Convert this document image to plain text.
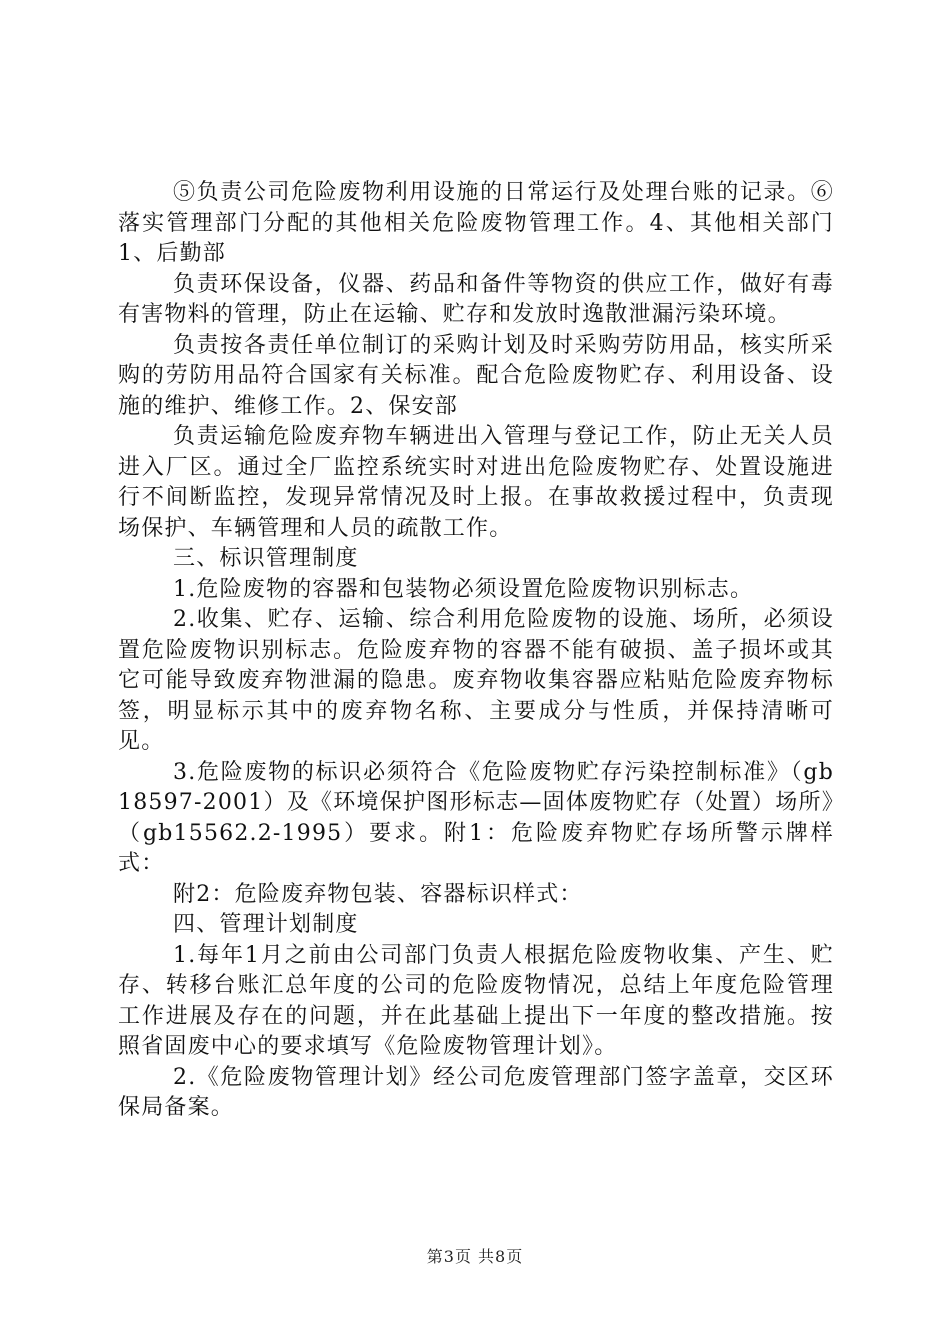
⑤负责公司危险废物利用设施的日常运行及处理台账的记录。⑥落实管理部门分配的其他相关危险废物管理工作。4、其他相关部门1、后勤部

负责环保设备，仪器、药品和备件等物资的供应工作，做好有毒有害物料的管理，防止在运输、贮存和发放时逸散泄漏污染环境。

负责按各责任单位制订的采购计划及时采购劳防用品，核实所采购的劳防用品符合国家有关标准。配合危险废物贮存、利用设备、设施的维护、维修工作。2、保安部

负责运输危险废弃物车辆进出入管理与登记工作，防止无关人员进入厂区。通过全厂监控系统实时对进出危险废物贮存、处置设施进行不间断监控，发现异常情况及时上报。在事故救援过程中，负责现场保护、车辆管理和人员的疏散工作。

三、标识管理制度

1.危险废物的容器和包装物必须设置危险废物识别标志。

2.收集、贮存、运输、综合利用危险废物的设施、场所，必须设置危险废物识别标志。危险废弃物的容器不能有破损、盖子损坏或其它可能导致废弃物泄漏的隐患。废弃物收集容器应粘贴危险废弃物标签，明显标示其中的废弃物名称、主要成分与性质，并保持清晰可见。

3.危险废物的标识必须符合《危险废物贮存污染控制标准》（gb18597-2001）及《环境保护图形标志—固体废物贮存（处置）场所》（gb15562.2-1995）要求。附1：危险废弃物贮存场所警示牌样式：

附2：危险废弃物包装、容器标识样式：

四、管理计划制度

1.每年1月之前由公司部门负责人根据危险废物收集、产生、贮存、转移台账汇总年度的公司的危险废物情况，总结上年度危险管理工作进展及存在的问题，并在此基础上提出下一年度的整改措施。按照省固废中心的要求填写《危险废物管理计划》。

2.《危险废物管理计划》经公司危废管理部门签字盖章，交区环保局备案。

第3页 共8页
